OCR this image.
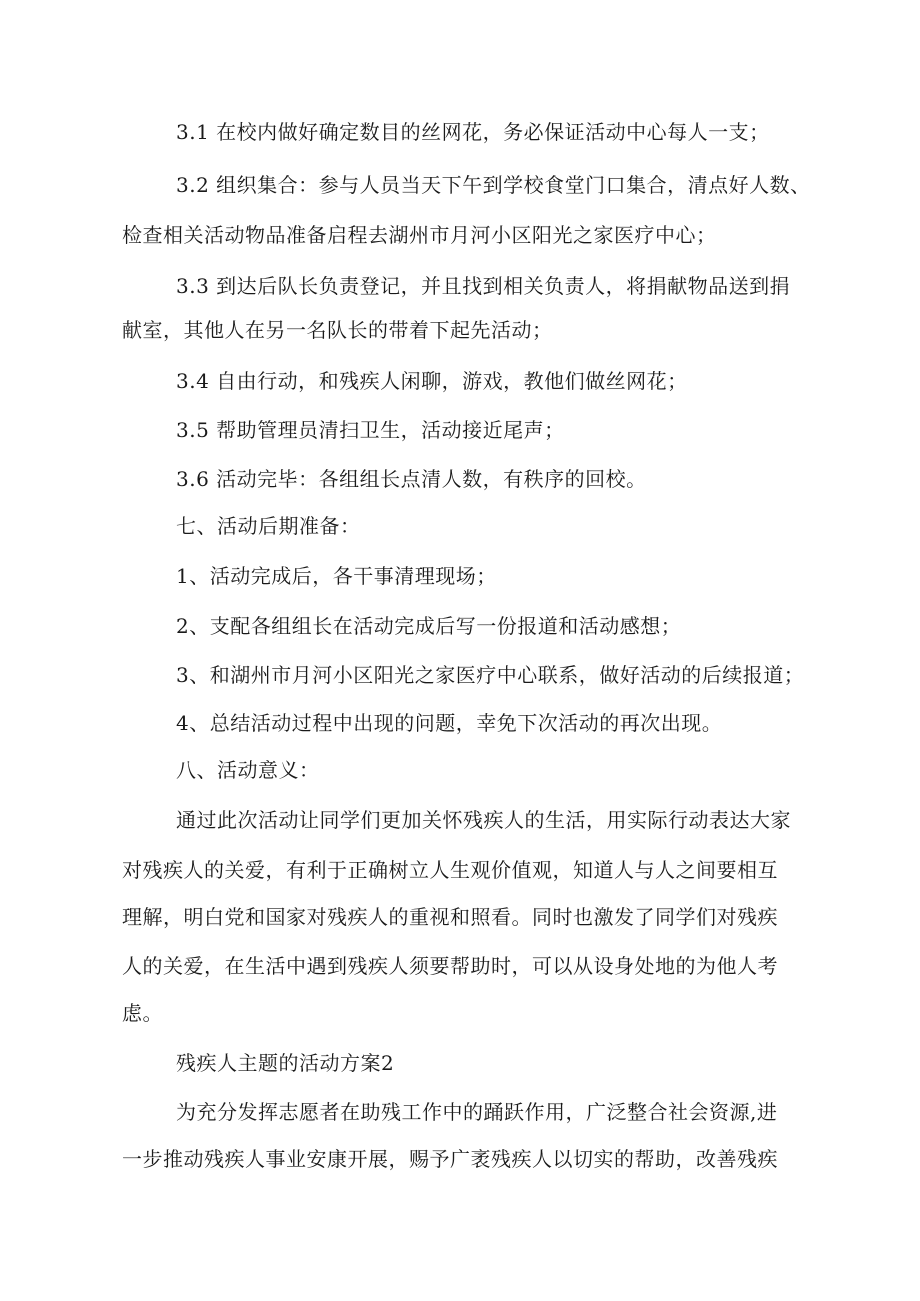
3.1 在校内做好确定数目的丝网花，务必保证活动中心每人一支；
3.2 组织集合：参与人员当天下午到学校食堂门口集合，清点好人数、
检查相关活动物品准备启程去湖州市月河小区阳光之家医疗中心；
3.3 到达后队长负责登记，并且找到相关负责人，将捐献物品送到捐
献室，其他人在另一名队长的带着下起先活动；
3.4 自由行动，和残疾人闲聊，游戏，教他们做丝网花；
3.5 帮助管理员清扫卫生，活动接近尾声；
3.6 活动完毕：各组组长点清人数，有秩序的回校。
七、活动后期准备：
1、活动完成后，各干事清理现场；
2、支配各组组长在活动完成后写一份报道和活动感想；
3、和湖州市月河小区阳光之家医疗中心联系，做好活动的后续报道；
4、总结活动过程中出现的问题，幸免下次活动的再次出现。
八、活动意义：
通过此次活动让同学们更加关怀残疾人的生活，用实际行动表达大家
对残疾人的关爱，有利于正确树立人生观价值观，知道人与人之间要相互
理解，明白党和国家对残疾人的重视和照看。同时也激发了同学们对残疾
人的关爱，在生活中遇到残疾人须要帮助时，可以从设身处地的为他人考
虑。
残疾人主题的活动方案2
为充分发挥志愿者在助残工作中的踊跃作用，广泛整合社会资源,进
一步推动残疾人事业安康开展，赐予广袤残疾人以切实的帮助，改善残疾
